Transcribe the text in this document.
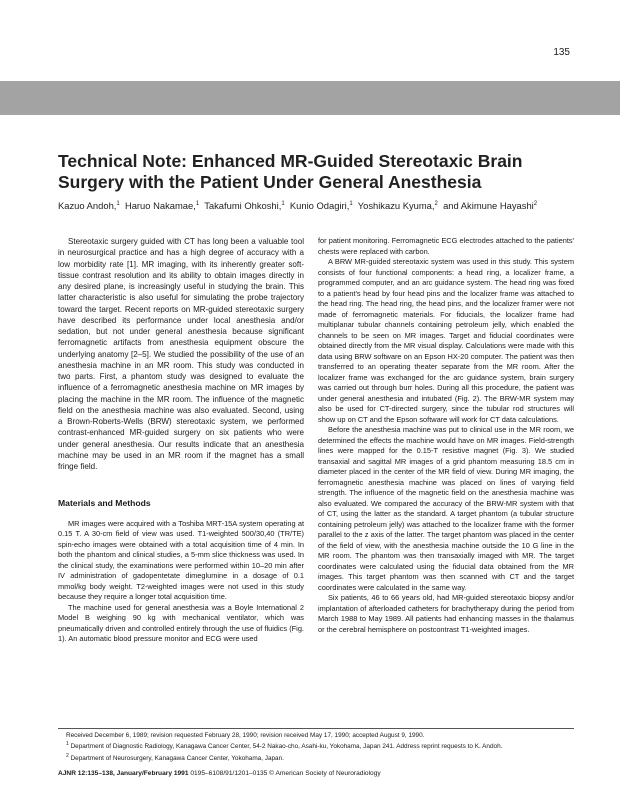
135
Technical Note: Enhanced MR-Guided Stereotaxic Brain Surgery with the Patient Under General Anesthesia
Kazuo Andoh,$^1$ Haruo Nakamae,$^1$ Takafumi Ohkoshi,$^1$ Kunio Odagiri,$^1$ Yoshikazu Kyuma,$^2$ and Akimune Hayashi$^2$

Stereotaxic surgery guided with CT has long been a valuable tool in neurosurgical practice and has a high degree of accuracy with a low morbidity rate [1]. MR imaging, with its inherently greater soft-tissue contrast resolution and its ability to obtain images directly in any desired plane, is increasingly useful in studying the brain. This latter characteristic is also useful for simulating the probe trajectory toward the target. Recent reports on MR-guided stereotaxic surgery have described its performance under local anesthesia and/or sedation, but not under general anesthesia because significant ferromagnetic artifacts from anesthesia equipment obscure the underlying anatomy [2–5]. We studied the possibility of the use of an anesthesia machine in an MR room. This study was conducted in two parts. First, a phantom study was designed to evaluate the influence of a ferromagnetic anesthesia machine on MR images by placing the machine in the MR room. The influence of the magnetic field on the anesthesia machine was also evaluated. Second, using a Brown-Roberts-Wells (BRW) stereotaxic system, we performed contrast-enhanced MR-guided surgery on six patients who were under general anesthesia. Our results indicate that an anesthesia machine may be used in an MR room if the magnet has a small fringe field.

Materials and Methods

MR images were acquired with a Toshiba MRT-15A system operating at 0.15 T. A 30-cm field of view was used. T1-weighted 500/30,40 (TR/TE) spin-echo images were obtained with a total acquisition time of 4 min. In both the phantom and clinical studies, a 5-mm slice thickness was used. In the clinical study, the examinations were performed within 10–20 min after IV administration of gadopentetate dimeglumine in a dosage of 0.1 mmol/kg body weight. T2-weighted images were not used in this study because they require a longer total acquisition time.

The machine used for general anesthesia was a Boyle International 2 Model B weighing 90 kg with mechanical ventilator, which was pneumatically driven and controlled entirely through the use of fluidics (Fig. 1). An automatic blood pressure monitor and ECG were used

for patient monitoring. Ferromagnetic ECG electrodes attached to the patients' chests were replaced with carbon.

A BRW MR-guided stereotaxic system was used in this study. This system consists of four functional components: a head ring, a localizer frame, a programmed computer, and an arc guidance system. The head ring was fixed to a patient's head by four head pins and the localizer frame was attached to the head ring. The head ring, the head pins, and the localizer framer were not made of ferromagnetic materials. For fiducials, the localizer frame had multiplanar tubular channels containing petroleum jelly, which enabled the channels to be seen on MR images. Target and fiducial coordinates were obtained directly from the MR visual display. Calculations were made with this data using BRW software on an Epson HX-20 computer. The patient was then transferred to an operating theater separate from the MR room. After the localizer frame was exchanged for the arc guidance system, brain surgery was carried out through burr holes. During all this procedure, the patient was under general anesthesia and intubated (Fig. 2). The BRW-MR system may also be used for CT-directed surgery, since the tubular rod structures will show up on CT and the Epson software will work for CT data calculations.

Before the anesthesia machine was put to clinical use in the MR room, we determined the effects the machine would have on MR images. Field-strength lines were mapped for the 0.15-T resistive magnet (Fig. 3). We studied transaxial and sagittal MR images of a grid phantom measuring 18.5 cm in diameter placed in the center of the MR field of view. During MR imaging, the ferromagnetic anesthesia machine was placed on lines of varying field strength. The influence of the magnetic field on the anesthesia machine was also evaluated. We compared the accuracy of the BRW-MR system with that of CT, using the latter as the standard. A target phantom (a tubular structure containing petroleum jelly) was attached to the localizer frame with the former parallel to the z axis of the latter. The target phantom was placed in the center of the field of view, with the anesthesia machine outside the 10 G line in the MR room. The phantom was then transaxially imaged with MR. The target coordinates were calculated using the fiducial data obtained from the MR images. This target phantom was then scanned with CT and the target coordinates were calculated in the same way.

Six patients, 46 to 66 years old, had MR-guided stereotaxic biopsy and/or implantation of afterloaded catheters for brachytherapy during the period from March 1988 to May 1989. All patients had enhancing masses in the thalamus or the cerebral hemisphere on postcontrast T1-weighted images.

Received December 6, 1989; revision requested February 28, 1990; revision received May 17, 1990; accepted August 9, 1990.
$^1$ Department of Diagnostic Radiology, Kanagawa Cancer Center, 54-2 Nakao-cho, Asahi-ku, Yokohama, Japan 241. Address reprint requests to K. Andoh.
$^2$ Department of Neurosurgery, Kanagawa Cancer Center, Yokohama, Japan.
AJNR 12:135–138, January/February 1991 0195–6108/91/1201–0135 © American Society of Neuroradiology
